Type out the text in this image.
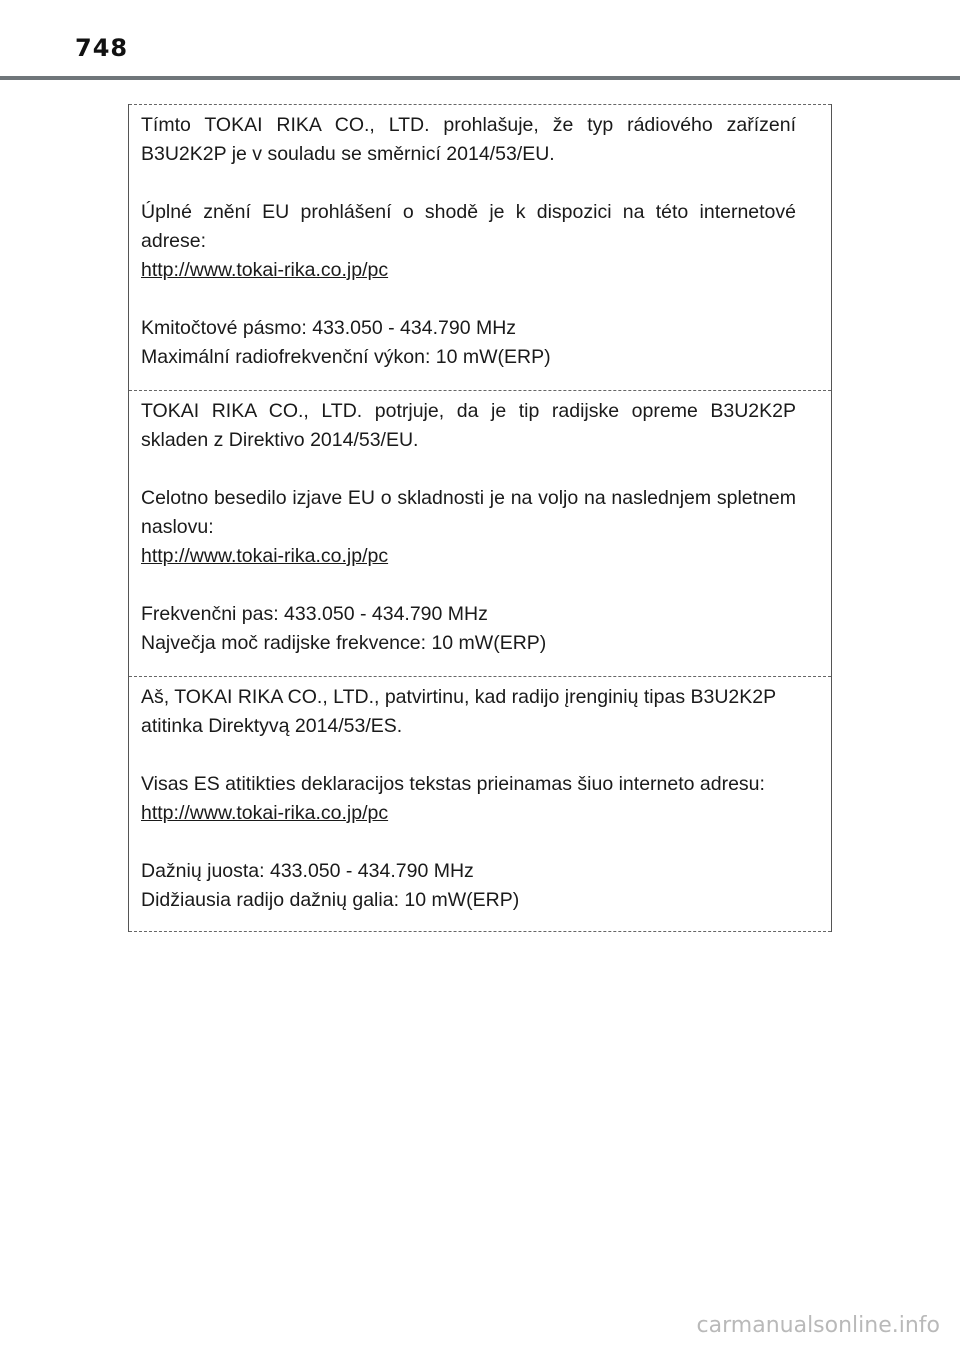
748

Tímto TOKAI RIKA CO., LTD. prohlašuje, že typ rádiového zařízení B3U2K2P je v souladu se směrnicí 2014/53/EU.

Úplné znění EU prohlášení o shodě je k dispozici na této internetové adrese:

http://www.tokai-rika.co.jp/pc

Kmitočtové pásmo: 433.050 - 434.790 MHz

Maximální radiofrekvenční výkon: 10 mW(ERP)

TOKAI RIKA CO., LTD. potrjuje, da je tip radijske opreme B3U2K2P skladen z Direktivo 2014/53/EU.

Celotno besedilo izjave EU o skladnosti je na voljo na naslednjem spletnem naslovu:

http://www.tokai-rika.co.jp/pc

Frekvenčni pas: 433.050 - 434.790 MHz

Največja moč radijske frekvence: 10 mW(ERP)

Aš, TOKAI RIKA CO., LTD., patvirtinu, kad radijo įrenginių tipas B3U2K2P atitinka Direktyvą 2014/53/ES.

Visas ES atitikties deklaracijos tekstas prieinamas šiuo interneto adresu:

http://www.tokai-rika.co.jp/pc

Dažnių juosta: 433.050 - 434.790 MHz

Didžiausia radijo dažnių galia: 10 mW(ERP)

carmanualsonline.info
